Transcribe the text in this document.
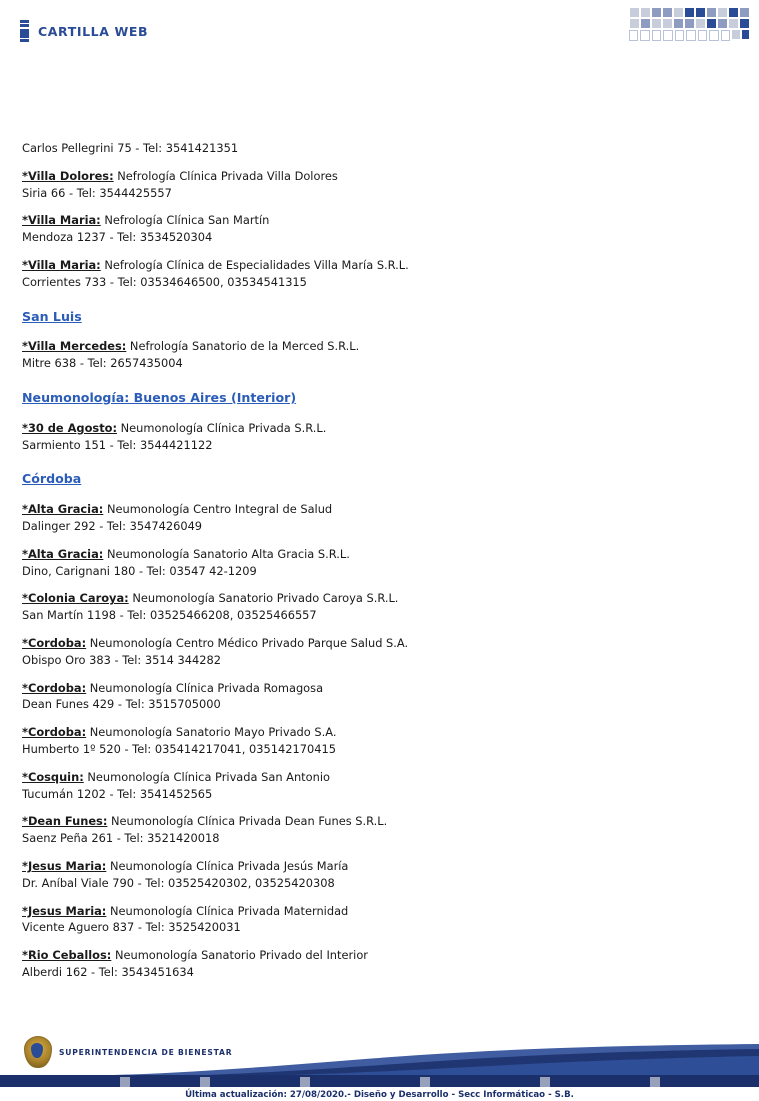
CARTILLA WEB
Carlos Pellegrini 75 - Tel: 3541421351
*Villa Dolores: Nefrología Clínica Privada Villa Dolores
Siria 66 - Tel: 3544425557
*Villa Maria: Nefrología Clínica San Martín
Mendoza 1237 - Tel: 3534520304
*Villa Maria: Nefrología Clínica de Especialidades Villa María S.R.L.
Corrientes 733 - Tel: 03534646500, 03534541315
San Luis
*Villa Mercedes: Nefrología Sanatorio de la Merced S.R.L.
Mitre 638 - Tel: 2657435004
Neumonología: Buenos Aires (Interior)
*30 de Agosto: Neumonología Clínica Privada S.R.L.
Sarmiento 151 - Tel: 3544421122
Córdoba
*Alta Gracia: Neumonología Centro Integral de Salud
Dalinger 292 - Tel: 3547426049
*Alta Gracia: Neumonología Sanatorio Alta Gracia S.R.L.
Dino, Carignani 180 - Tel: 03547 42-1209
*Colonia Caroya: Neumonología Sanatorio Privado Caroya S.R.L.
San Martín 1198 - Tel: 03525466208, 03525466557
*Cordoba: Neumonología Centro Médico Privado Parque Salud S.A.
Obispo Oro 383 - Tel: 3514 344282
*Cordoba: Neumonología Clínica Privada Romagosa
Dean Funes 429 - Tel: 3515705000
*Cordoba: Neumonología Sanatorio Mayo Privado S.A.
Humberto 1º 520 - Tel: 035414217041, 035142170415
*Cosquin: Neumonología Clínica Privada San Antonio
Tucumán 1202 - Tel: 3541452565
*Dean Funes: Neumonología Clínica Privada Dean Funes S.R.L.
Saenz Peña 261 - Tel: 3521420018
*Jesus Maria: Neumonología Clínica Privada Jesús María
Dr. Aníbal Viale 790 - Tel: 03525420302, 03525420308
*Jesus Maria: Neumonología Clínica Privada Maternidad
Vicente Aguero 837 - Tel: 3525420031
*Rio Ceballos: Neumonología Sanatorio Privado del Interior
Alberdi 162 - Tel: 3543451634
SUPERINTENDENCIA DE BIENESTAR
Última actualización: 27/08/2020.- Diseño y Desarrollo - Secc Informáticao - S.B.
